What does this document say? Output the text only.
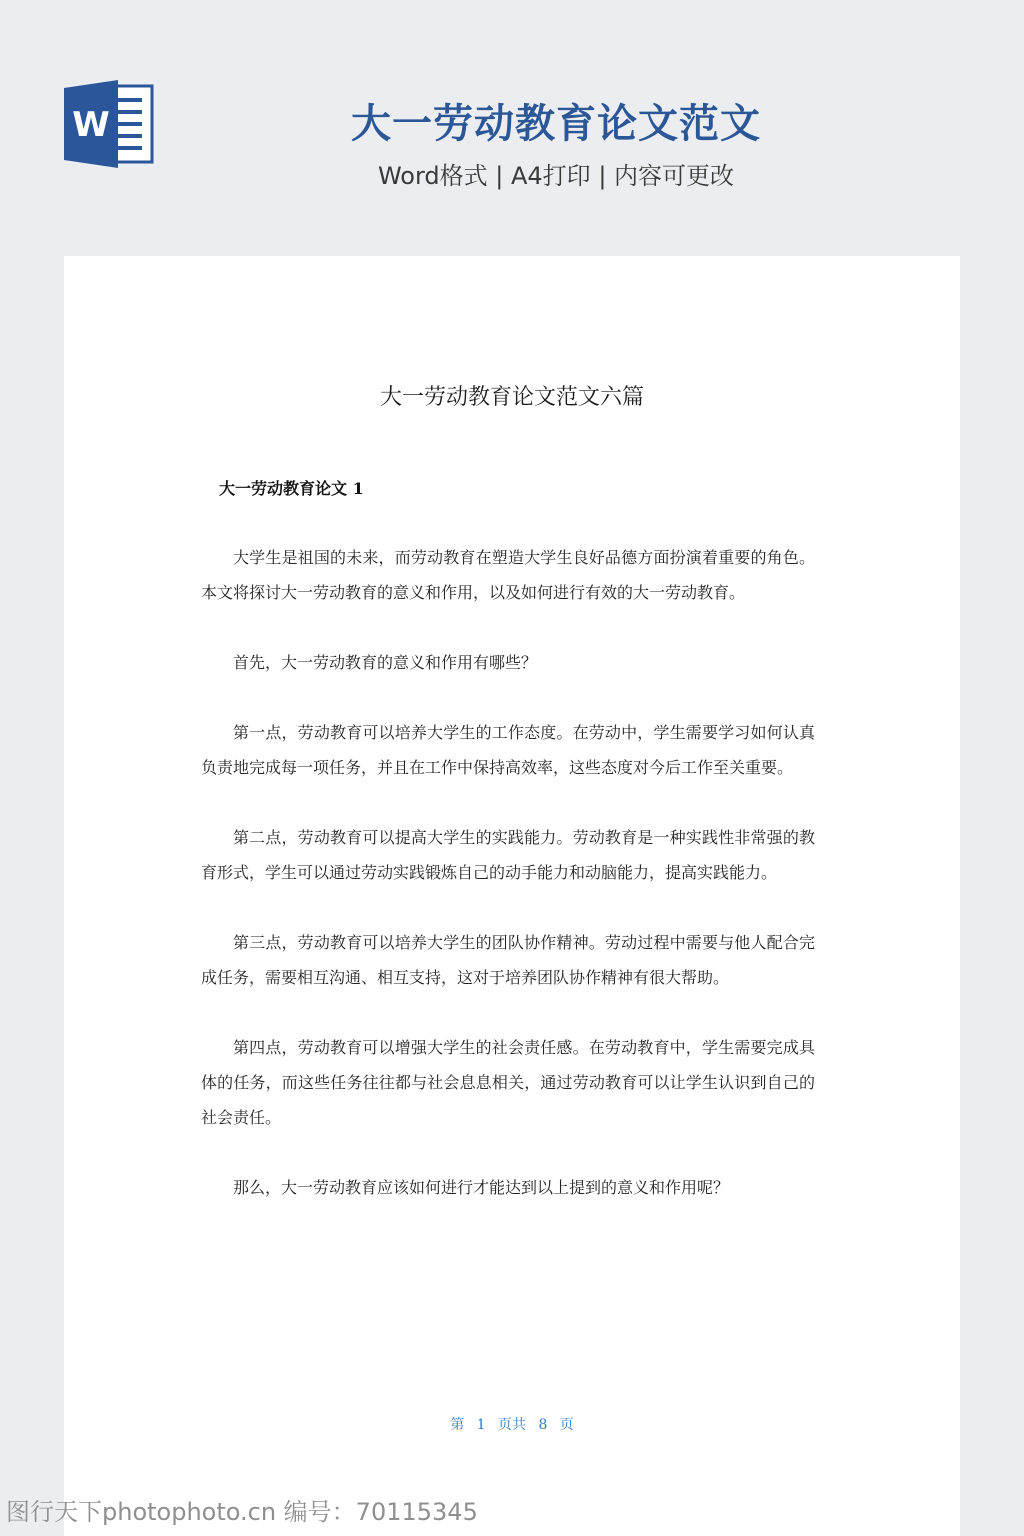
W	大一劳动教育论文范文
Word格式 | A4打印 | 内容可更改
大一劳动教育论文范文六篇
大一劳动教育论文 1

大学生是祖国的未来，而劳动教育在塑造大学生良好品德方面扮演着重要的角色。本文将探讨大一劳动教育的意义和作用，以及如何进行有效的大一劳动教育。

首先，大一劳动教育的意义和作用有哪些？

第一点，劳动教育可以培养大学生的工作态度。在劳动中，学生需要学习如何认真负责地完成每一项任务，并且在工作中保持高效率，这些态度对今后工作至关重要。

第二点，劳动教育可以提高大学生的实践能力。劳动教育是一种实践性非常强的教育形式，学生可以通过劳动实践锻炼自己的动手能力和动脑能力，提高实践能力。

第三点，劳动教育可以培养大学生的团队协作精神。劳动过程中需要与他人配合完成任务，需要相互沟通、相互支持，这对于培养团队协作精神有很大帮助。

第四点，劳动教育可以增强大学生的社会责任感。在劳动教育中，学生需要完成具体的任务，而这些任务往往都与社会息息相关，通过劳动教育可以让学生认识到自己的社会责任。

那么，大一劳动教育应该如何进行才能达到以上提到的意义和作用呢？

第 1 页共 8 页
图行天下photophoto.cn 编号：70115345
